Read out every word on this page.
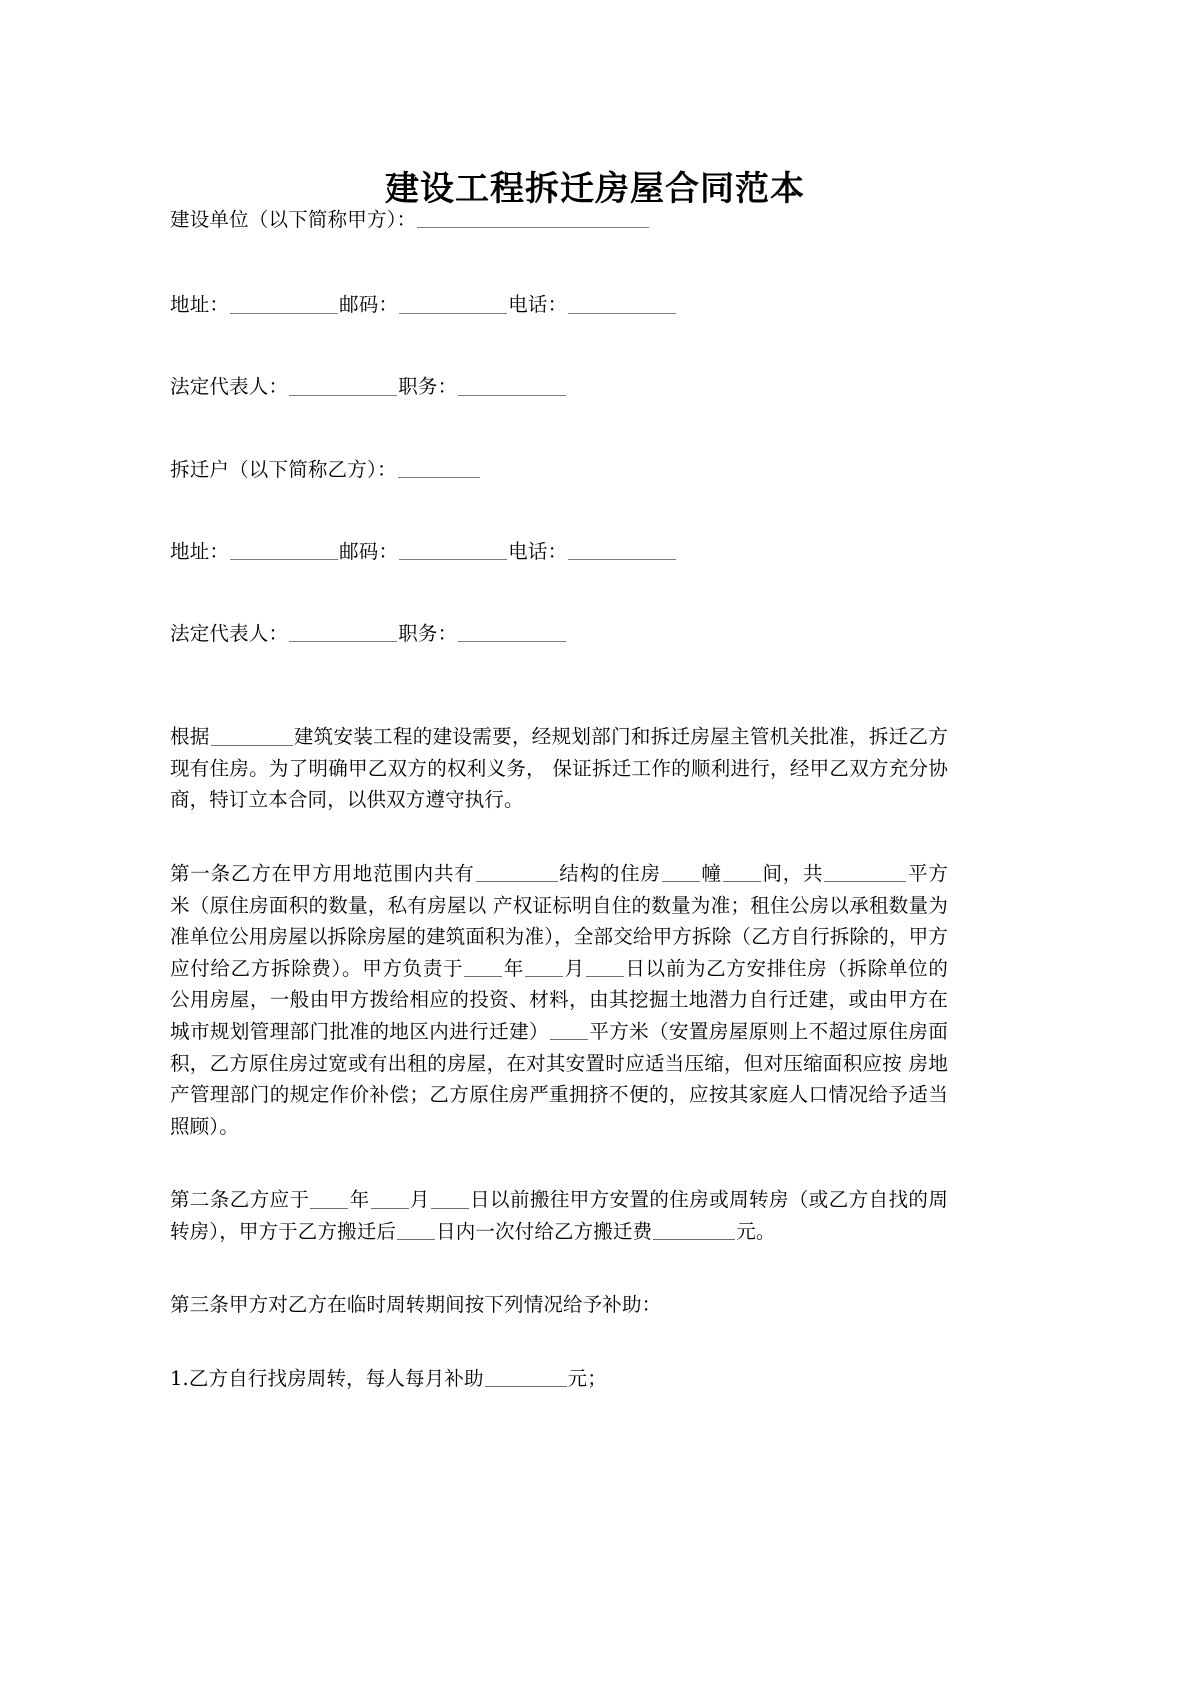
建设工程拆迁房屋合同范本
建设单位（以下简称甲方）：
地址：	邮码：	电话：
法定代表人：	职务：
拆迁户（以下简称乙方）：
地址：	邮码：	电话：
法定代表人：	职务：

根据	建筑安装工程的建设需要，经规划部门和拆迁房屋主管机关批准，拆迁乙方现有住房。为了明确甲乙双方的权利义务， 保证拆迁工作的顺利进行，经甲乙双方充分协商，特订立本合同，以供双方遵守执行。

第一条乙方在甲方用地范围内共有	结构的住房 幢 间，共	平方米（原住房面积的数量，私有房屋以 产权证标明自住的数量为准；租住公房以承租数量为准单位公用房屋以拆除房屋的建筑面积为准），全部交给甲方拆除（乙方自行拆除的，甲方应付给乙方拆除费）。甲方负责于 年 月 日以前为乙方安排住房（拆除单位的公用房屋，一般由甲方拨给相应的投资、材料，由其挖掘土地潜力自行迁建，或由甲方在城市规划管理部门批准的地区内进行迁建） 平方米（安置房屋原则上不超过原住房面积，乙方原住房过宽或有出租的房屋，在对其安置时应适当压缩，但对压缩面积应按 房地产管理部门的规定作价补偿；乙方原住房严重拥挤不便的，应按其家庭人口情况给予适当照顾）。

第二条乙方应于 年 月 日以前搬往甲方安置的住房或周转房（或乙方自找的周转房），甲方于乙方搬迁后 日内一次付给乙方搬迁费	元。

第三条甲方对乙方在临时周转期间按下列情况给予补助：

1.乙方自行找房周转，每人每月补助	元；
